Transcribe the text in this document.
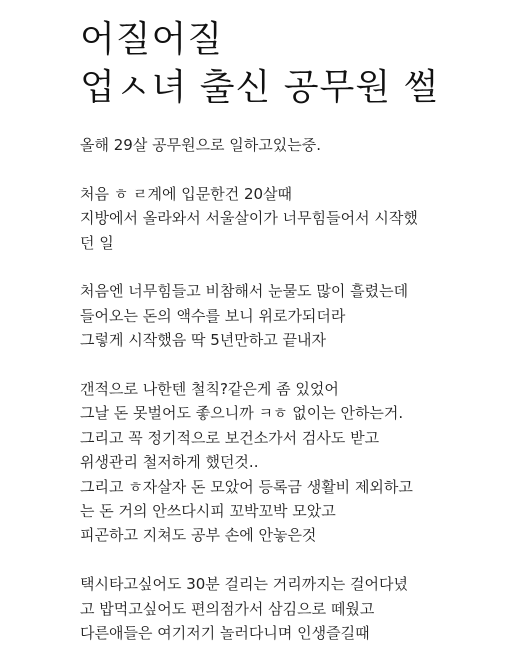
어질어질
업ㅅ녀 출신 공무원 썰

올해 29살 공무원으로 일하고있는중.

처음 ㅎ ㄹ계에 입문한건 20살때
지방에서 올라와서 서울살이가 너무힘들어서 시작했
던 일

처음엔 너무힘들고 비참해서 눈물도 많이 흘렸는데
들어오는 돈의 액수를 보니 위로가되더라
그렇게 시작했음 딱 5년만하고 끝내자

갠적으로 나한텐 철칙?같은게 좀 있었어
그날 돈 못벌어도 좋으니까 ㅋㅎ 없이는 안하는거.
그리고 꼭 정기적으로 보건소가서 검사도 받고
위생관리 철저하게 했던것..
그리고 ㅎ자살자 돈 모았어 등록금 생활비 제외하고
는 돈 거의 안쓰다시피 꼬박꼬박 모았고
피곤하고 지쳐도 공부 손에 안놓은것

택시타고싶어도 30분 걸리는 거리까지는 걸어다녔
고 밥먹고싶어도 편의점가서 삼김으로 떼웠고
다른애들은 여기저기 놀러다니며 인생즐길때
